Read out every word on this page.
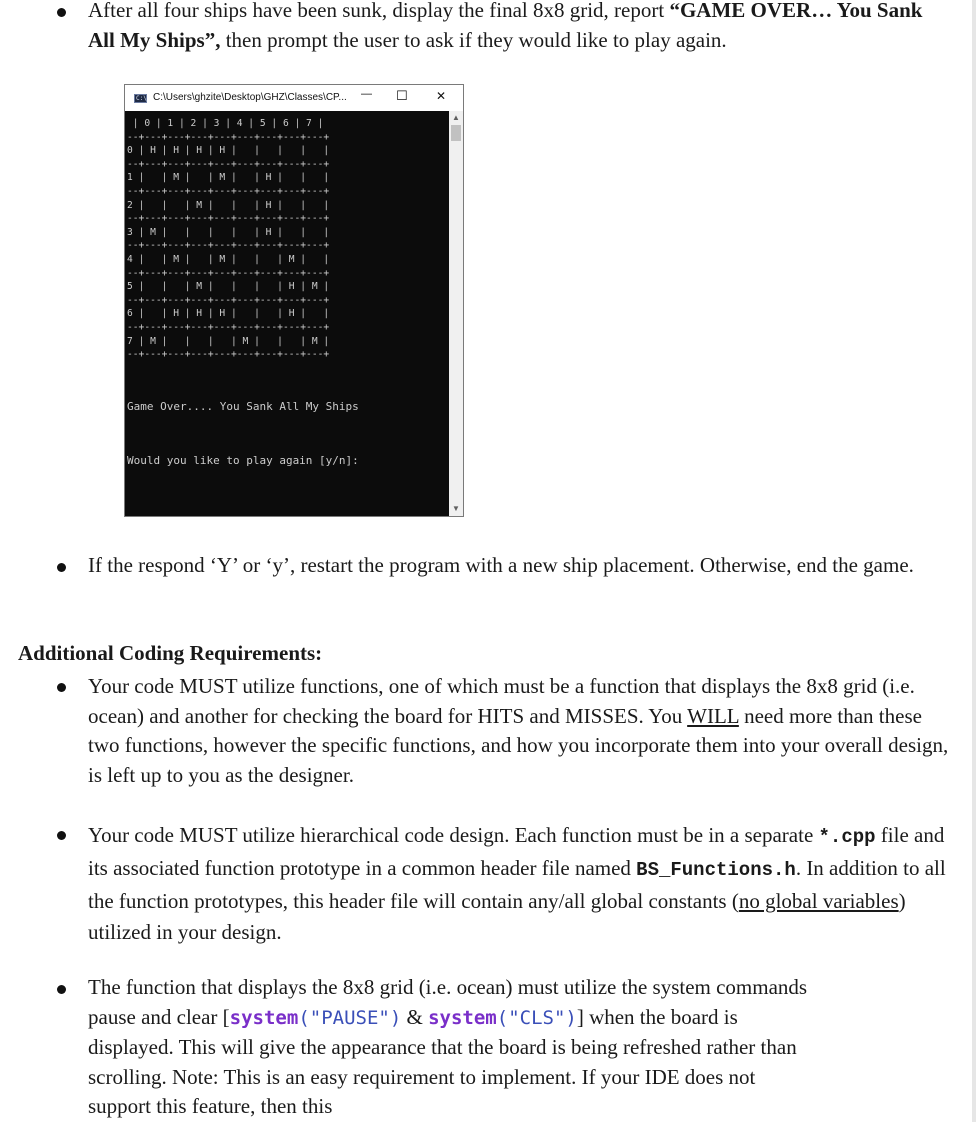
After all four ships have been sunk, display the final 8x8 grid, report “GAME OVER… You Sank All My Ships”, then prompt the user to ask if they would like to play again.
C:\ C:\Users\ghzite\Desktop\GHZ\Classes\CP... — ☐ ✕
| 0 | 1 | 2 | 3 | 4 | 5 | 6 | 7 |
--+---+---+---+---+---+---+---+---+
0 | H | H | H | H |   |   |   |   |
--+---+---+---+---+---+---+---+---+
1 |   | M |   | M |   | H |   |   |
--+---+---+---+---+---+---+---+---+
2 |   |   | M |   |   | H |   |   |
--+---+---+---+---+---+---+---+---+
3 | M |   |   |   |   | H |   |   |
--+---+---+---+---+---+---+---+---+
4 |   | M |   | M |   |   | M |   |
--+---+---+---+---+---+---+---+---+
5 |   |   | M |   |   |   | H | M |
--+---+---+---+---+---+---+---+---+
6 |   | H | H | H |   |   | H |   |
--+---+---+---+---+---+---+---+---+
7 | M |   |   |   | M |   |   | M |
--+---+---+---+---+---+---+---+---+
Game Over.... You Sank All My Ships
Would you like to play again [y/n]:
▲
▼
If the respond ‘Y’ or ‘y’, restart the program with a new ship placement. Otherwise, end the game.
Additional Coding Requirements:
Your code MUST utilize functions, one of which must be a function that displays the 8x8 grid (i.e. ocean) and another for checking the board for HITS and MISSES. You WILL need more than these two functions, however the specific functions, and how you incorporate them into your overall design, is left up to you as the designer.
Your code MUST utilize hierarchical code design. Each function must be in a separate *.cpp file and its associated function prototype in a common header file named BS_Functions.h. In addition to all the function prototypes, this header file will contain any/all global constants (no global variables) utilized in your design.
The function that displays the 8x8 grid (i.e. ocean) must utilize the system commands pause and clear [system("PAUSE") & system("CLS")] when the board is displayed. This will give the appearance that the board is being refreshed rather than scrolling. Note: This is an easy requirement to implement. If your IDE does not support this feature, then this
